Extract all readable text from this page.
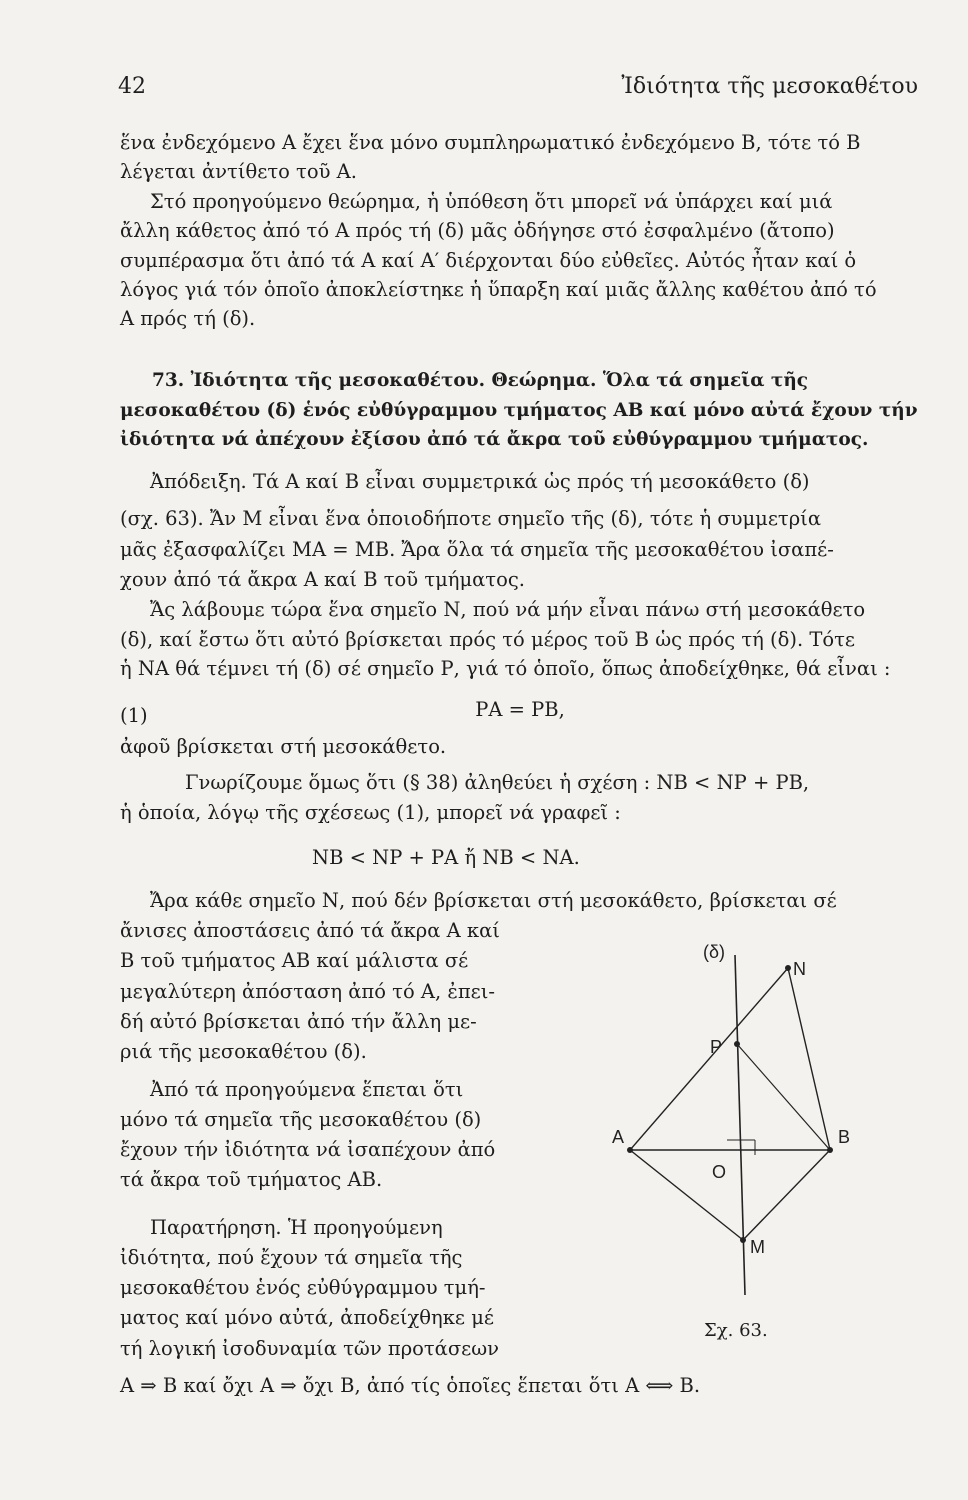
42	Ἰδιότητα τῆς μεσοκαθέτου
ἕνα ἐνδεχόμενο Α ἔχει ἕνα μόνο συμπληρωματικό ἐνδεχόμενο Β, τότε τό Β
λέγεται ἀντίθετο τοῦ Α.
Στό προηγούμενο θεώρημα, ἡ ὑπόθεση ὅτι μπορεῖ νά ὑπάρχει καί μιά
ἄλλη κάθετος ἀπό τό Α πρός τή (δ) μᾶς ὁδήγησε στό ἐσφαλμένο (ἄτοπο)
συμπέρασμα ὅτι ἀπό τά Α καί Α′ διέρχονται δύο εὐθεῖες. Αὐτός ἦταν καί ὁ
λόγος γιά τόν ὁποῖο ἀποκλείστηκε ἡ ὕπαρξη καί μιᾶς ἄλλης καθέτου ἀπό τό
Α πρός τή (δ).
73. Ἰδιότητα τῆς μεσοκαθέτου. Θεώρημα. Ὅλα τά σημεῖα τῆς
μεσοκαθέτου (δ) ἑνός εὐθύγραμμου τμήματος ΑΒ καί μόνο αὐτά ἔχουν τήν
ἰδιότητα νά ἀπέχουν ἐξίσου ἀπό τά ἄκρα τοῦ εὐθύγραμμου τμήματος.
Ἀπόδειξη. Τά Α καί Β εἶναι συμμετρικά ὡς πρός τή μεσοκάθετο (δ)
(σχ. 63). Ἄν Μ εἶναι ἕνα ὁποιοδήποτε σημεῖο τῆς (δ), τότε ἡ συμμετρία
μᾶς ἐξασφαλίζει ΜΑ = ΜΒ. Ἄρα ὅλα τά σημεῖα τῆς μεσοκαθέτου ἰσαπέ-
χουν ἀπό τά ἄκρα Α καί Β τοῦ τμήματος.
Ἄς λάβουμε τώρα ἕνα σημεῖο Ν, πού νά μήν εἶναι πάνω στή μεσοκάθετο
(δ), καί ἔστω ὅτι αὐτό βρίσκεται πρός τό μέρος τοῦ Β ὡς πρός τή (δ). Τότε
ἡ ΝΑ θά τέμνει τή (δ) σέ σημεῖο Ρ, γιά τό ὁποῖο, ὅπως ἀποδείχθηκε, θά εἶναι :
(1)	ΡΑ = ΡΒ,
ἀφοῦ βρίσκεται στή μεσοκάθετο.
Γνωρίζουμε ὅμως ὅτι (§ 38) ἀληθεύει ἡ σχέση : ΝΒ < ΝΡ + ΡΒ,
ἡ ὁποία, λόγῳ τῆς σχέσεως (1), μπορεῖ νά γραφεῖ :
ΝΒ < ΝΡ + ΡΑ ἤ ΝΒ < ΝΑ.
Ἄρα κάθε σημεῖο Ν, πού δέν βρίσκεται στή μεσοκάθετο, βρίσκεται σέ
ἄνισες ἀποστάσεις ἀπό τά ἄκρα Α καί
Β τοῦ τμήματος ΑΒ καί μάλιστα σέ
μεγαλύτερη ἀπόσταση ἀπό τό Α, ἐπει-
δή αὐτό βρίσκεται ἀπό τήν ἄλλη με-
ριά τῆς μεσοκαθέτου (δ).
Ἀπό τά προηγούμενα ἕπεται ὅτι
μόνο τά σημεῖα τῆς μεσοκαθέτου (δ)
ἔχουν τήν ἰδιότητα νά ἰσαπέχουν ἀπό
τά ἄκρα τοῦ τμήματος ΑΒ.
Παρατήρηση. Ἡ προηγούμενη
ἰδιότητα, πού ἔχουν τά σημεῖα τῆς
μεσοκαθέτου ἑνός εὐθύγραμμου τμή-
ματος καί μόνο αὐτά, ἀποδείχθηκε μέ
τή λογική ἰσοδυναμία τῶν προτάσεων
Α ⇒ Β καί ὄχι Α ⇒ ὄχι Β, ἀπό τίς ὁποῖες ἕπεται ὅτι Α ⟺ Β.
(δ)
N
P
A	B
O
M
Σχ. 63.
